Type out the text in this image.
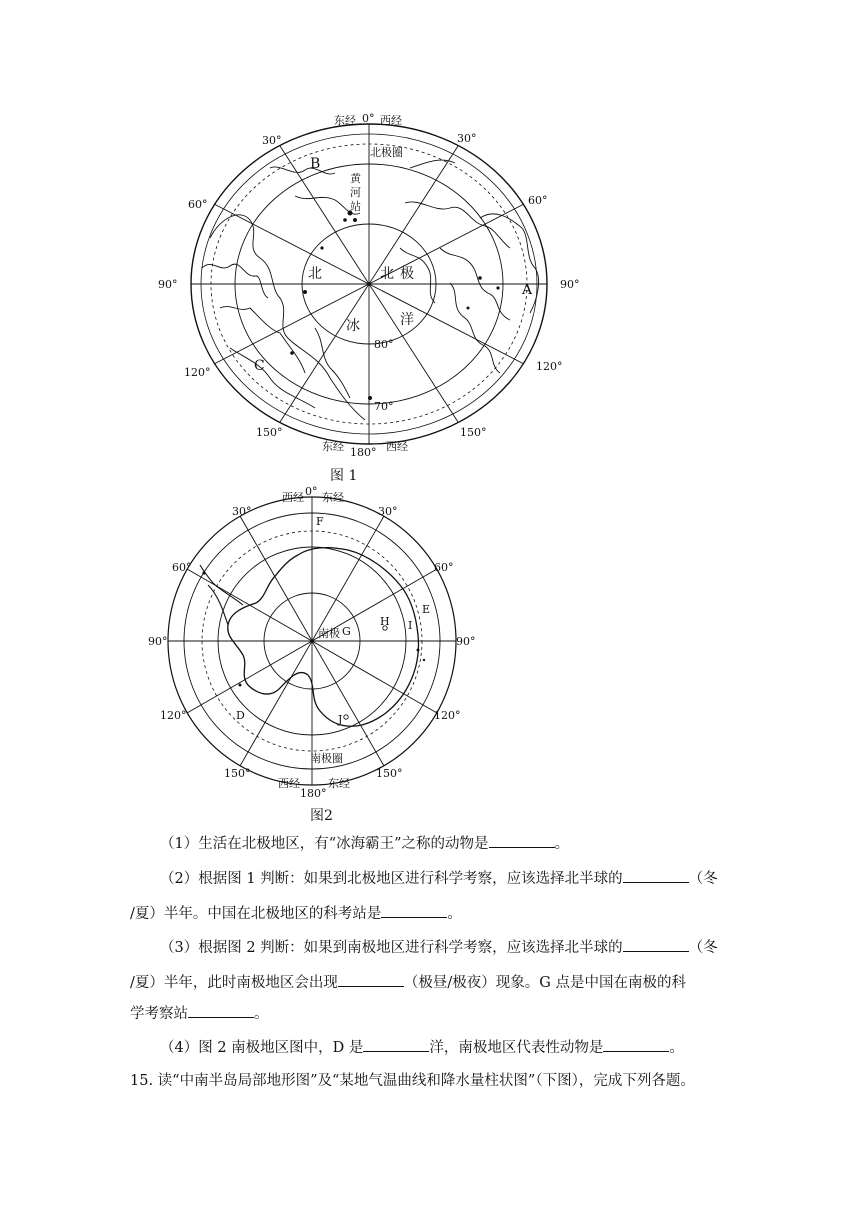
东经 0° 西经
北极圈
30°	30°
60°	60°
90°	90°
120°	120°
150°	150°
80°
70°
东经 180° 西经
黄
河
站
北	北 极
冰	洋
B
A
C
图 1
西经 0° 东经
30°	30°
60°	60°
90°	90°
120°	120°
150°	150°
南极圈
西经
180°
东经
南极
F
E
G
H I
J
D
图2
（1）生活在北极地区，有“冰海霸王”之称的动物是	。
（2）根据图 1 判断：如果到北极地区进行科学考察，应该选择北半球的	（冬
/夏）半年。中国在北极地区的科考站是	。
（3）根据图 2 判断：如果到南极地区进行科学考察，应该选择北半球的	（冬
/夏）半年，此时南极地区会出现	（极昼/极夜）现象。G 点是中国在南极的科
学考察站	。
（4）图 2 南极地区图中，D 是	洋，南极地区代表性动物是	。
15. 读“中南半岛局部地形图”及“某地气温曲线和降水量柱状图”（下图），完成下列各题。
